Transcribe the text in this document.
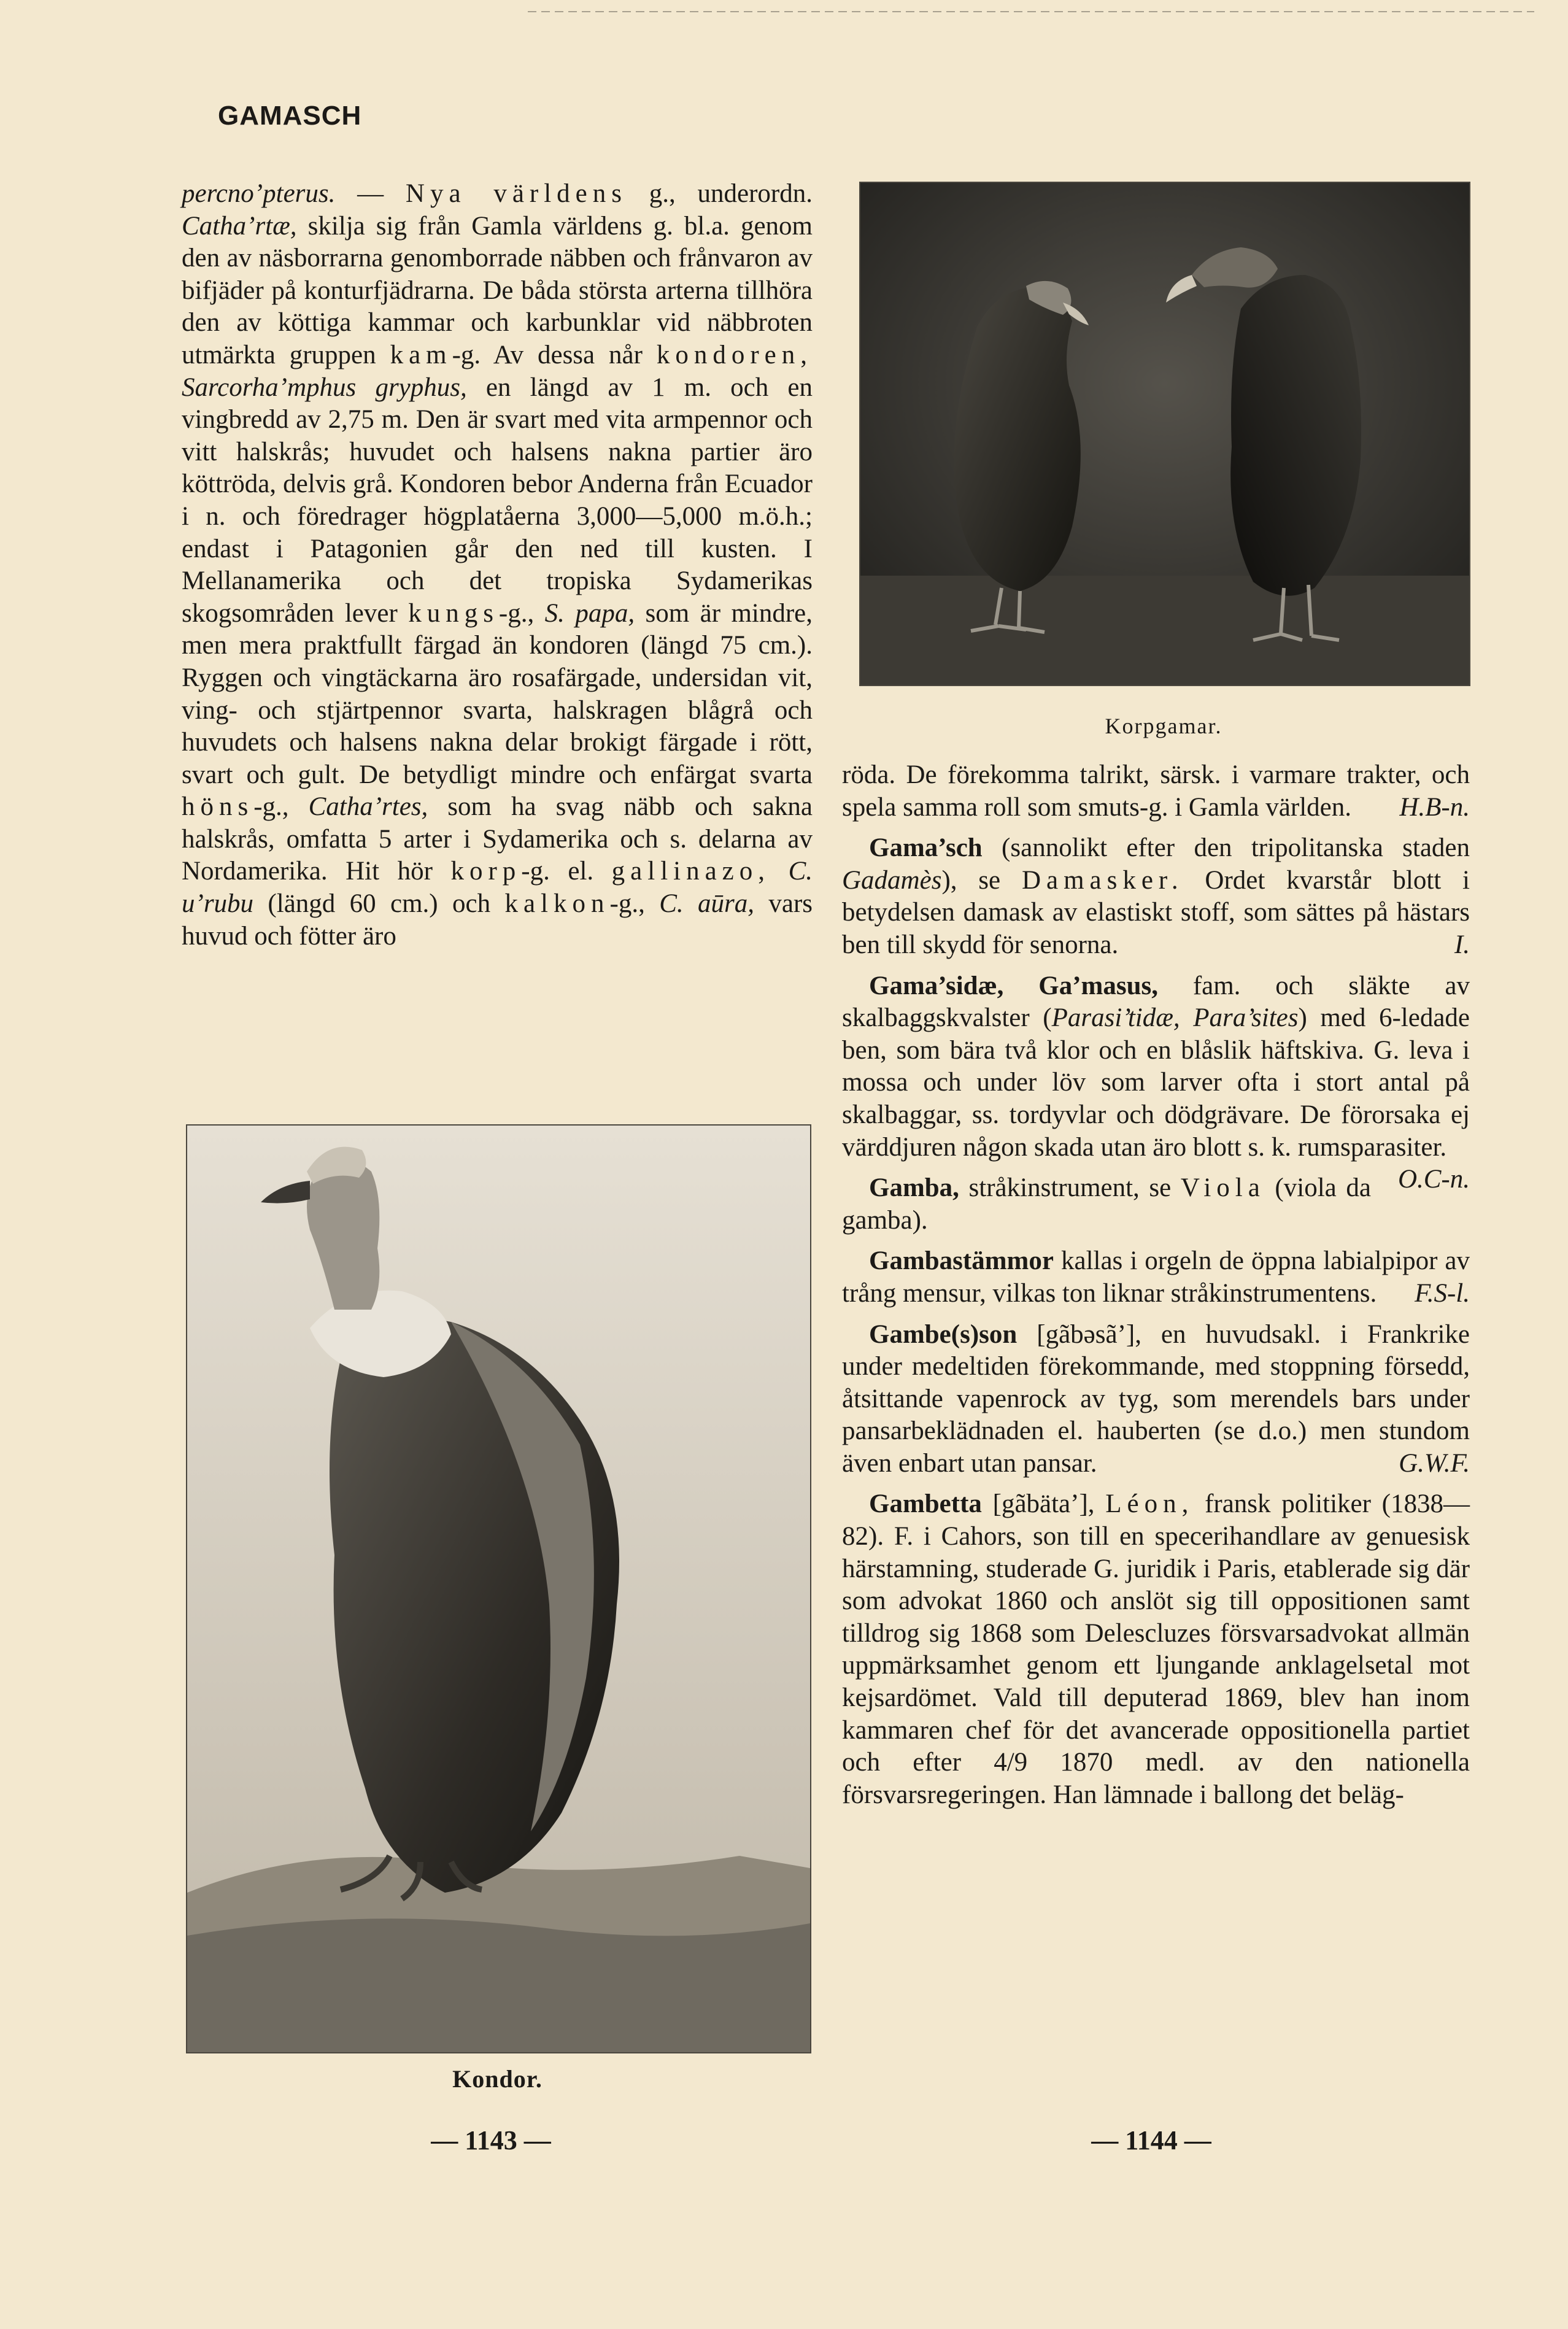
GAMASCH

percno’pterus. — Nya världens g., underordn. Catha’rtæ, skilja sig från Gamla världens g. bl.a. genom den av näsborrarna genomborrade näbben och frånvaron av bifjäder på konturfjädrarna. De båda största arterna tillhöra den av köttiga kammar och karbunklar vid näbbroten utmärkta gruppen kam-g. Av dessa når kondoren, Sarcorha’mphus gryphus, en längd av 1 m. och en vingbredd av 2,75 m. Den är svart med vita armpennor och vitt halskrås; huvudet och halsens nakna partier äro köttröda, delvis grå. Kondoren bebor Anderna från Ecuador i n. och föredrager högplatåerna 3,000—5,000 m.ö.h.; endast i Patagonien går den ned till kusten. I Mellanamerika och det tropiska Sydamerikas skogsområden lever kungs-g., S. papa, som är mindre, men mera praktfullt färgad än kondoren (längd 75 cm.). Ryggen och vingtäckarna äro rosafärgade, undersidan vit, ving- och stjärtpennor svarta, halskragen blågrå och huvudets och halsens nakna delar brokigt färgade i rött, svart och gult. De betydligt mindre och enfärgat svarta höns-g., Catha’rtes, som ha svag näbb och sakna halskrås, omfatta 5 arter i Sydamerika och s. delarna av Nordamerika. Hit hör korp-g. el. gallinazo, C. u’rubu (längd 60 cm.) och kalkon-g., C. aūra, vars huvud och fötter äro

Korpgamar.

röda. De förekomma talrikt, särsk. i varmare trakter, och spela samma roll som smuts-g. i Gamla världen. H.B-n.

Gama’sch (sannolikt efter den tripolitanska staden Gadamès), se Damasker. Ordet kvarstår blott i betydelsen damask av elastiskt stoff, som sättes på hästars ben till skydd för senorna.	I.

Gama’sidæ, Ga’masus, fam. och släkte av skalbaggskvalster (Parasi’tidæ, Para’sites) med 6-ledade ben, som bära två klor och en blåslik häftskiva. G. leva i mossa och under löv som larver ofta i stort antal på skalbaggar, ss. tordyvlar och dödgrävare. De förorsaka ej värddjuren någon skada utan äro blott s. k. rumsparasiter.
O.C-n.

Gamba, stråkinstrument, se Viola (viola da gamba).

Gambastämmor kallas i orgeln de öppna labialpipor av trång mensur, vilkas ton liknar stråkinstrumentens.	F.S-l.

Gambe(s)son [gãbəsã’], en huvudsakl. i Frankrike under medeltiden förekommande, med stoppning försedd, åtsittande vapenrock av tyg, som merendels bars under pansarbeklädnaden el. hauberten (se d.o.) men stundom även enbart utan pansar.	G.W.F.

Gambetta [gãbäta’], Léon, fransk politiker (1838—82). F. i Cahors, son till en specerihandlare av genuesisk härstamning, studerade G. juridik i Paris, etablerade sig där som advokat 1860 och anslöt sig till oppositionen samt tilldrog sig 1868 som Delescluzes försvarsadvokat allmän uppmärksamhet genom ett ljungande anklagelsetal mot kejsardömet. Vald till deputerad 1869, blev han inom kammaren chef för det avancerade oppositionella partiet och efter 4/9 1870 medl. av den nationella försvarsregeringen. Han lämnade i ballong det beläg-

Kondor.
— 1143 —	— 1144 —
